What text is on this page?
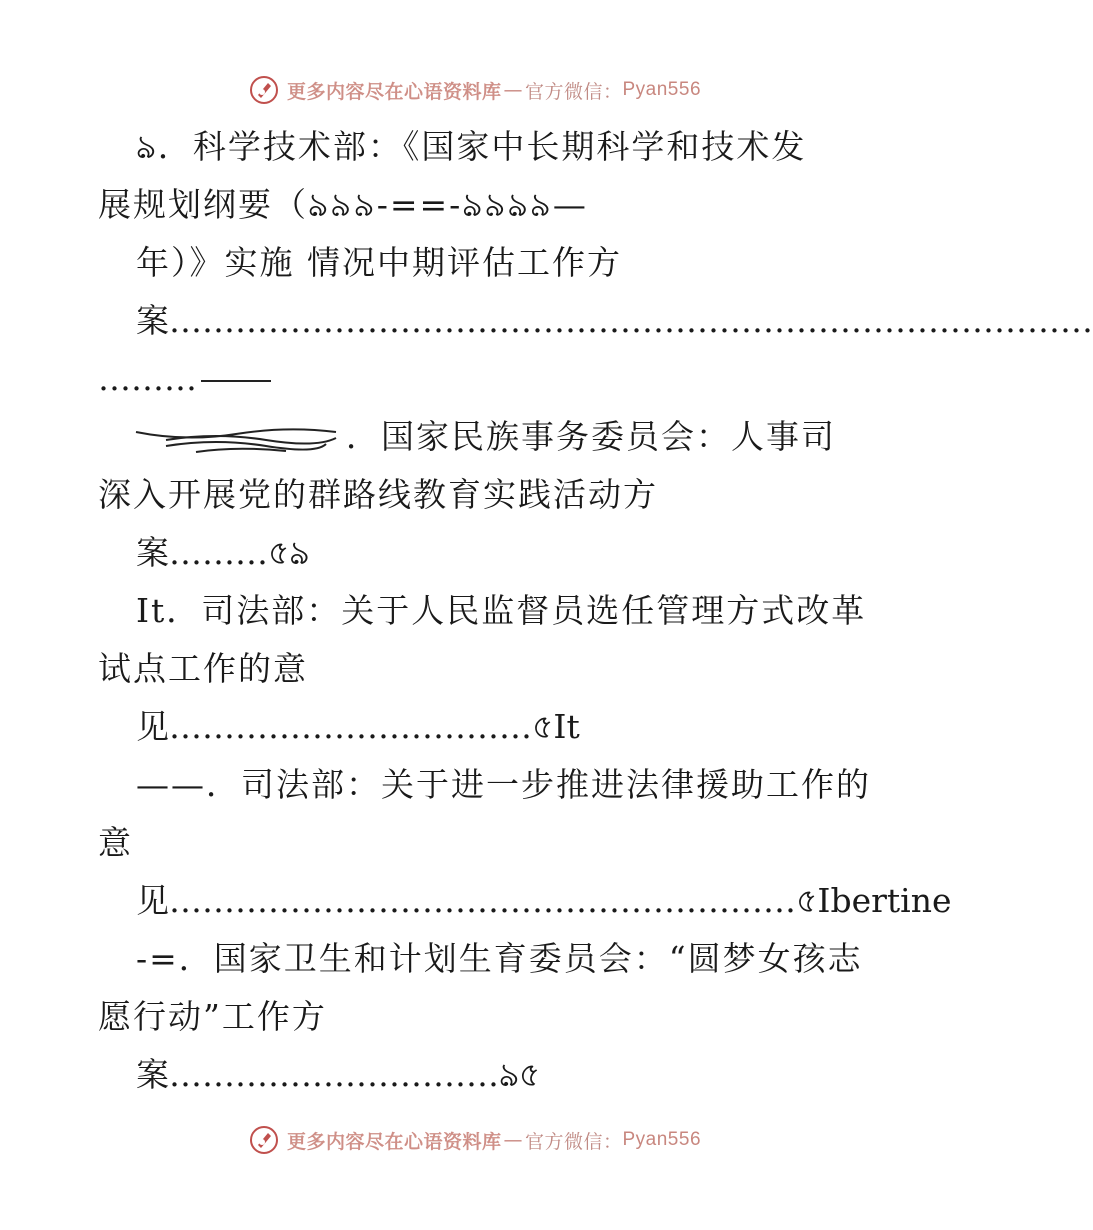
更多内容尽在心语资料库 — 官方微信： Pyan556
ঌ．科学技术部：《国家中长期科学和技术发
展规划纲要（ঌ৯৯-==-ঌ৯ঌ৯—
年）》实施 情况中期评估工作方
案…………………………………………………………………………
………
．国家民族事务委员会：人事司
深入开展党的群路线教育实践活动方
案………৫ঌ
It．司法部：关于人民监督员选任管理方式改革
试点工作的意
见……………………………৫It
——．司法部：关于进一步推进法律援助工作的
意
见…………………………………………………৫Ibertine
-=．国家卫生和计划生育委员会：“圆梦女孩志
愿行动”工作方
案…………………………ঌ৫
更多内容尽在心语资料库 — 官方微信： Pyan556
